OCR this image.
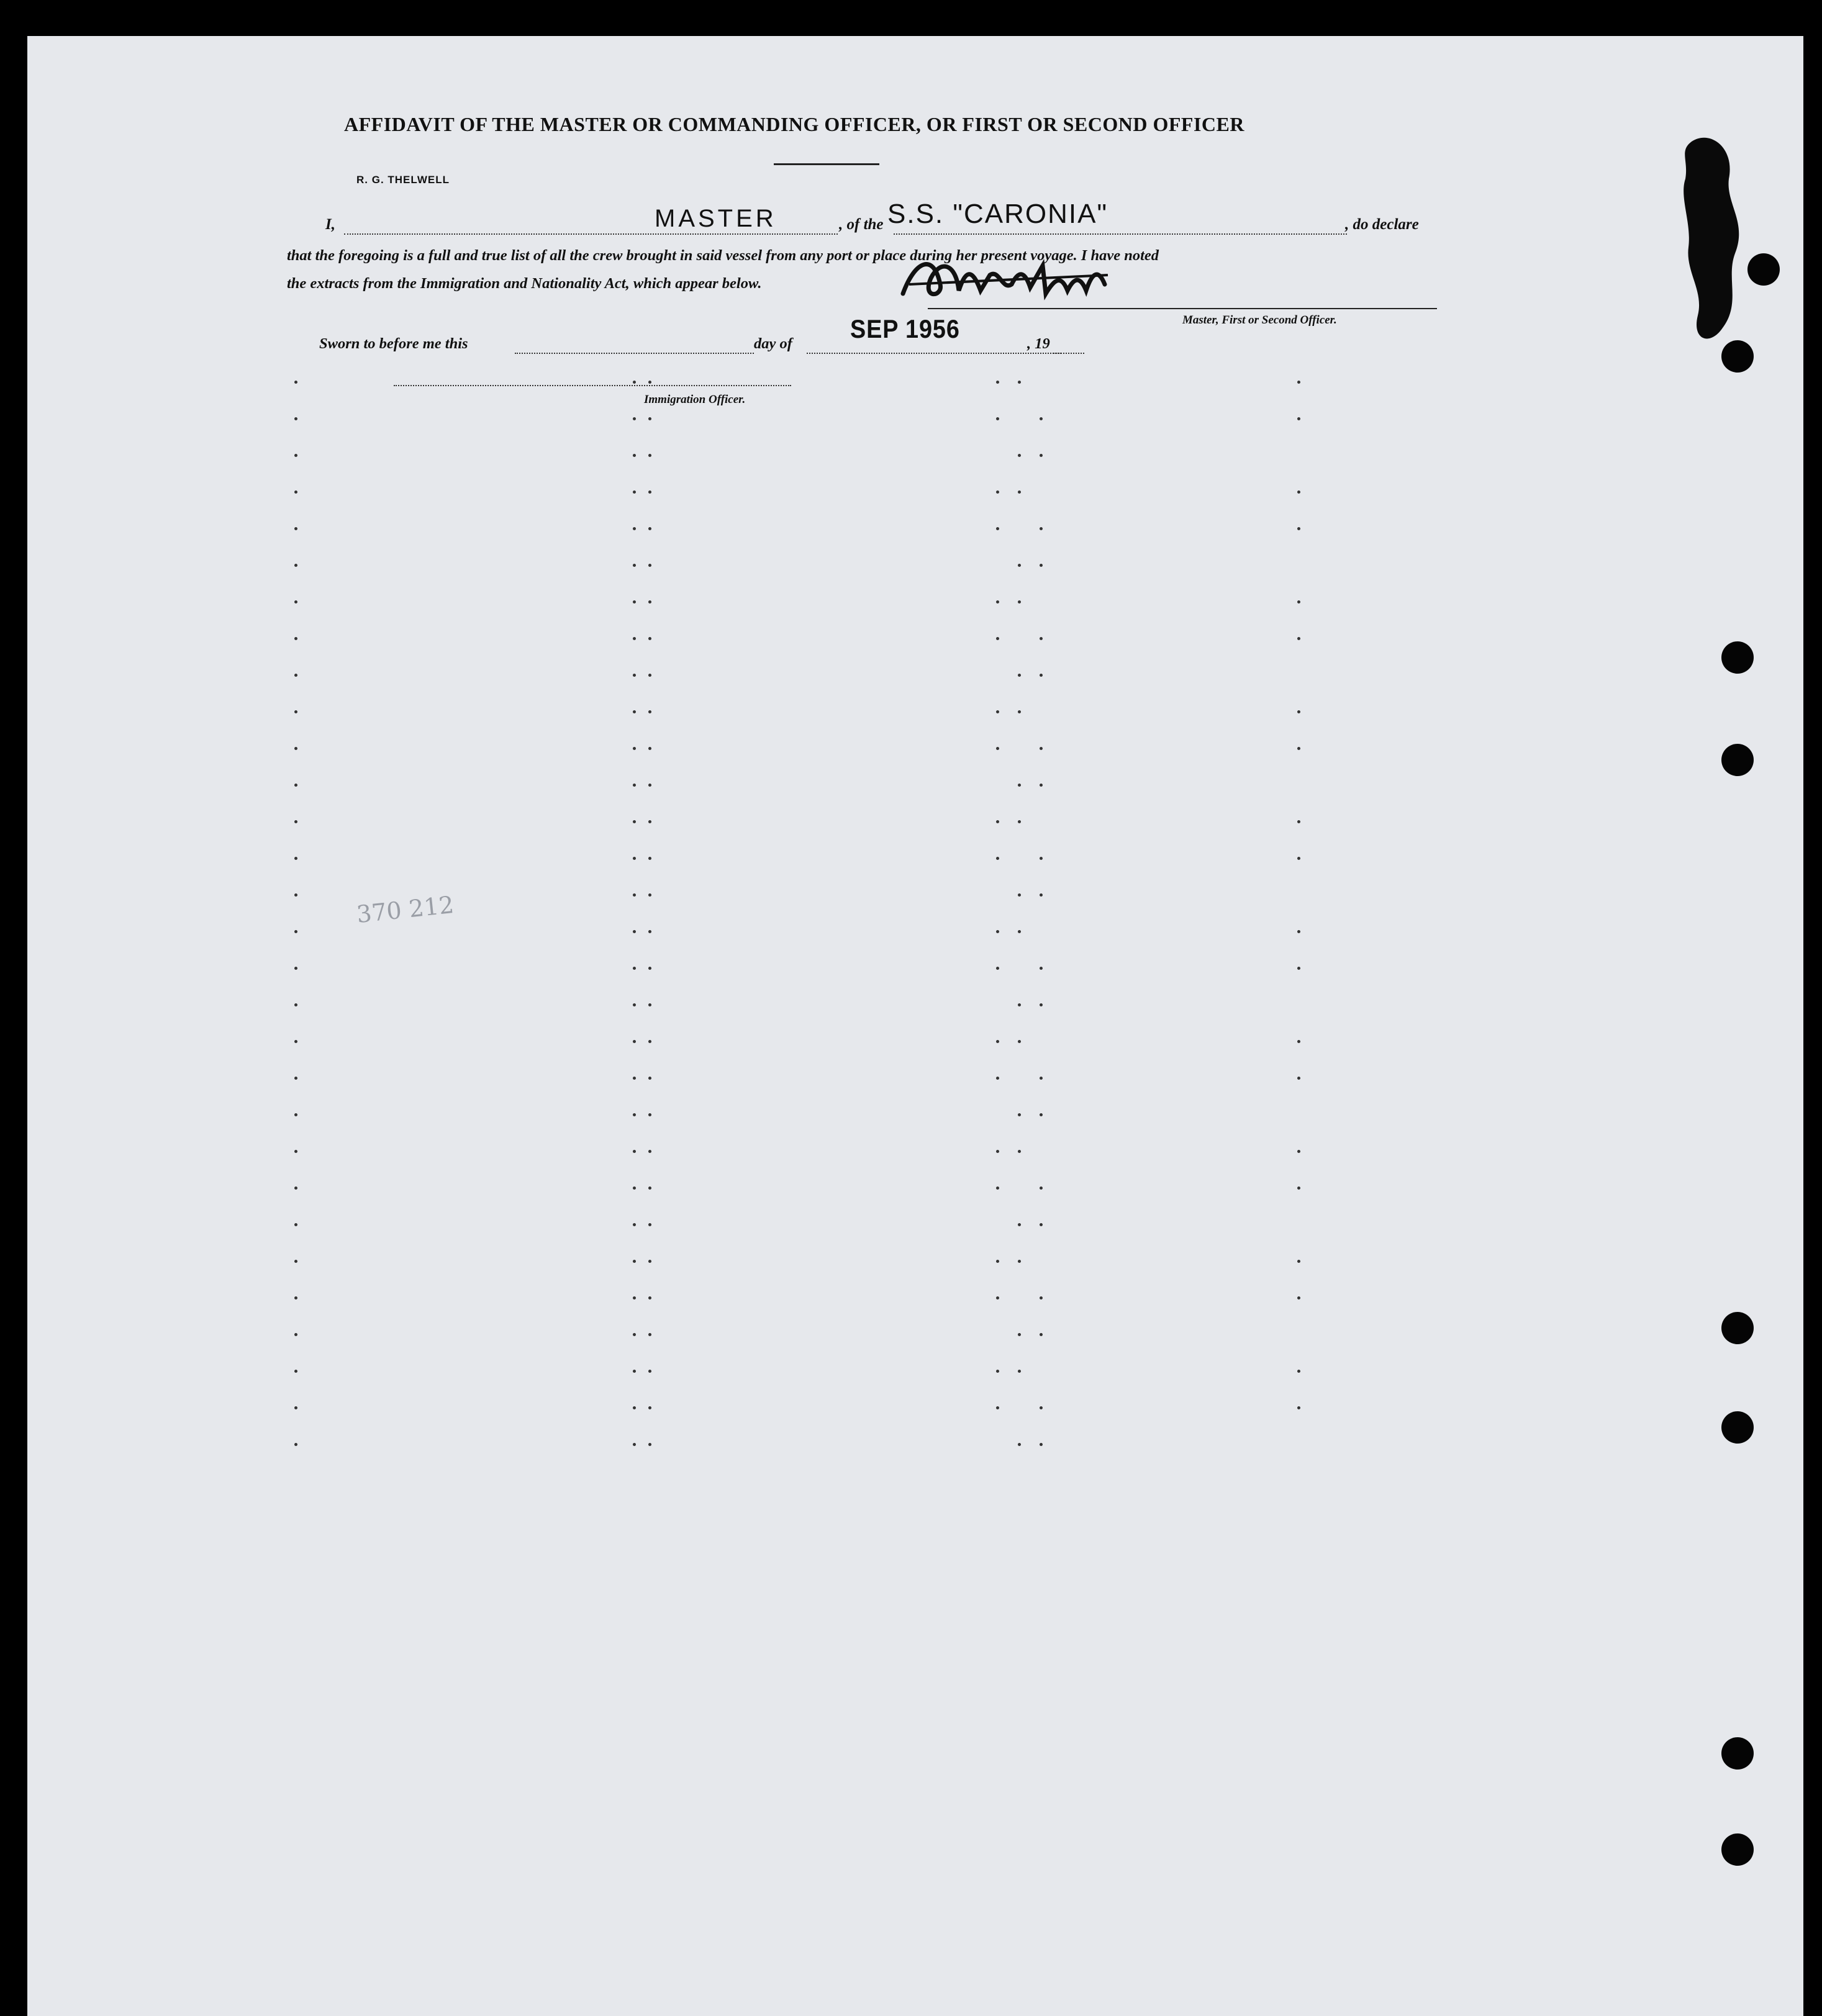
AFFIDAVIT OF THE MASTER OR COMMANDING OFFICER, OR FIRST OR SECOND OFFICER
R. G. THELWELL
I,	MASTER	, of the S.S. "CARONIA"	, do declare
that the foregoing is a full and true list of all the crew brought in said vessel from any port or place during her present voyage. I have noted
the extracts from the Immigration and Nationality Act, which appear below.
Master, First or Second Officer.
Sworn to before me this	day of
SEP 1956
, 19
Immigration Officer.
370 212
